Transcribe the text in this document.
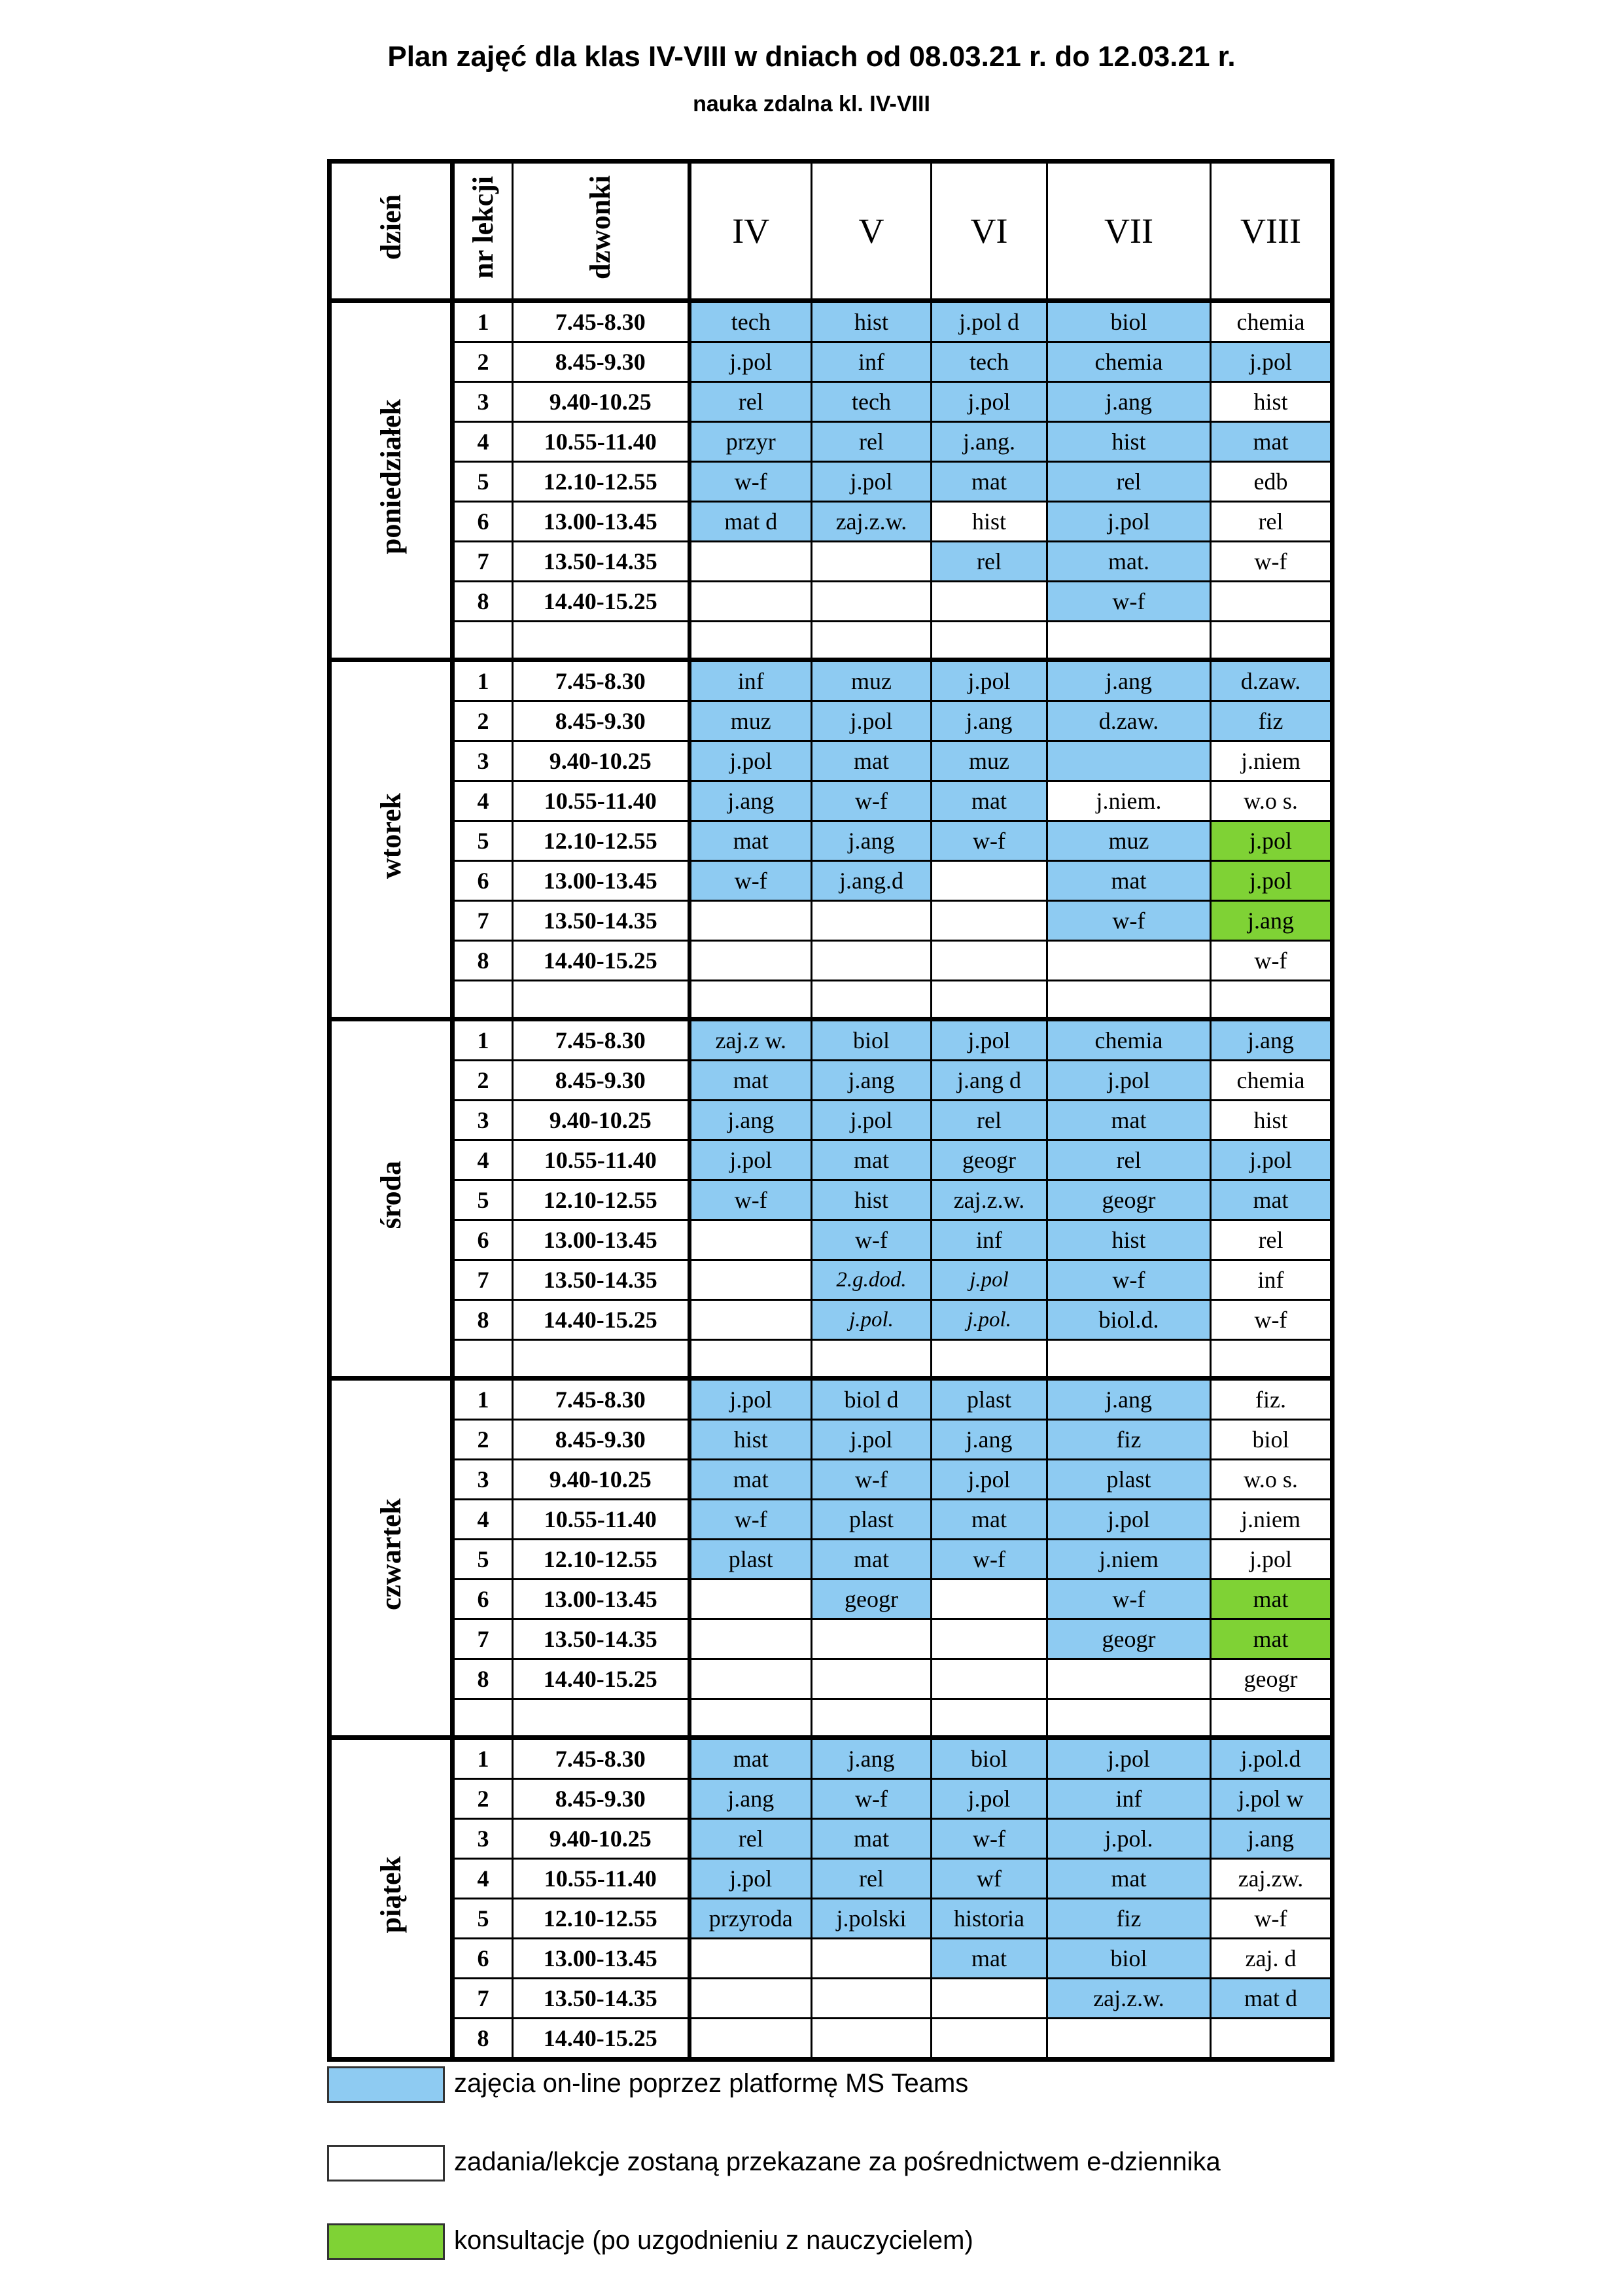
Plan zajęć dla klas IV-VIII w dniach od 08.03.21 r. do 12.03.21 r.
nauka zdalna kl. IV-VIII
dzień	nr lekcji	dzwonki	IV	V	VI	VII	VIII
poniedziałek	1	7.45-8.30	tech	hist	j.pol d	biol	chemia
	2	8.45-9.30	j.pol	inf	tech	chemia	j.pol
	3	9.40-10.25	rel	tech	j.pol	j.ang	hist
	4	10.55-11.40	przyr	rel	j.ang.	hist	mat
	5	12.10-12.55	w-f	j.pol	mat	rel	edb
	6	13.00-13.45	mat d	zaj.z.w.	hist	j.pol	rel
	7	13.50-14.35			rel	mat.	w-f
	8	14.40-15.25				w-f	

wtorek	1	7.45-8.30	inf	muz	j.pol	j.ang	d.zaw.
	2	8.45-9.30	muz	j.pol	j.ang	d.zaw.	fiz
	3	9.40-10.25	j.pol	mat	muz		j.niem
	4	10.55-11.40	j.ang	w-f	mat	j.niem.	w.o s.
	5	12.10-12.55	mat	j.ang	w-f	muz	j.pol
	6	13.00-13.45	w-f	j.ang.d		mat	j.pol
	7	13.50-14.35				w-f	j.ang
	8	14.40-15.25					w-f

środa	1	7.45-8.30	zaj.z w.	biol	j.pol	chemia	j.ang
	2	8.45-9.30	mat	j.ang	j.ang d	j.pol	chemia
	3	9.40-10.25	j.ang	j.pol	rel	mat	hist
	4	10.55-11.40	j.pol	mat	geogr	rel	j.pol
	5	12.10-12.55	w-f	hist	zaj.z.w.	geogr	mat
	6	13.00-13.45		w-f	inf	hist	rel
	7	13.50-14.35		2.g.dod.	j.pol	w-f	inf
	8	14.40-15.25		j.pol.	j.pol.	biol.d.	w-f

czwartek	1	7.45-8.30	j.pol	biol d	plast	j.ang	fiz.
	2	8.45-9.30	hist	j.pol	j.ang	fiz	biol
	3	9.40-10.25	mat	w-f	j.pol	plast	w.o s.
	4	10.55-11.40	w-f	plast	mat	j.pol	j.niem
	5	12.10-12.55	plast	mat	w-f	j.niem	j.pol
	6	13.00-13.45		geogr		w-f	mat
	7	13.50-14.35				geogr	mat
	8	14.40-15.25					geogr

piątek	1	7.45-8.30	mat	j.ang	biol	j.pol	j.pol.d
	2	8.45-9.30	j.ang	w-f	j.pol	inf	j.pol w
	3	9.40-10.25	rel	mat	w-f	j.pol.	j.ang
	4	10.55-11.40	j.pol	rel	wf	mat	zaj.zw.
	5	12.10-12.55	przyroda	j.polski	historia	fiz	w-f
	6	13.00-13.45			mat	biol	zaj. d
	7	13.50-14.35				zaj.z.w.	mat d
	8	14.40-15.25					
zajęcia on-line poprzez platformę MS Teams
zadania/lekcje zostaną przekazane za pośrednictwem e-dziennika
konsultacje (po uzgodnieniu z nauczycielem)
